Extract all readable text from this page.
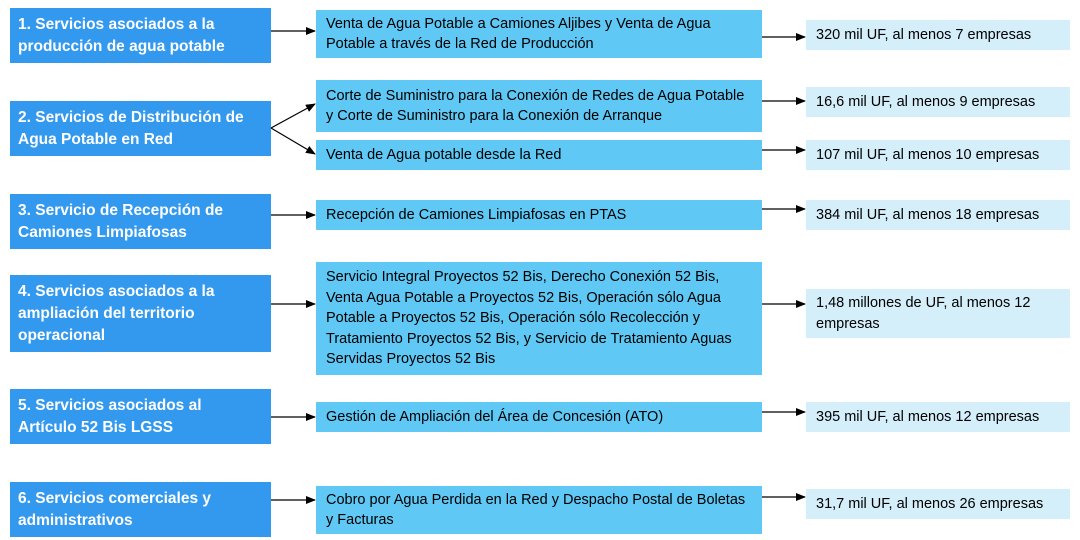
1. Servicios asociados a la producción de agua potable
2. Servicios de Distribución de Agua Potable en Red
3. Servicio de Recepción de Camiones Limpiafosas
4. Servicios asociados a la ampliación del territorio operacional
5. Servicios asociados al Artículo 52 Bis LGSS
6. Servicios comerciales y administrativos
Venta de Agua Potable a Camiones Aljibes y Venta de Agua Potable a través de la Red de Producción
Corte de Suministro para la Conexión de Redes de Agua Potable y Corte de Suministro para la Conexión de Arranque
Venta de Agua potable desde la Red
Recepción de Camiones Limpiafosas en PTAS
Servicio Integral Proyectos 52 Bis, Derecho Conexión 52 Bis, Venta Agua Potable a Proyectos 52 Bis, Operación sólo Agua Potable a Proyectos 52 Bis, Operación sólo Recolección y Tratamiento Proyectos 52 Bis, y Servicio de Tratamiento Aguas Servidas Proyectos 52 Bis
Gestión de Ampliación del Área de Concesión (ATO)
Cobro por Agua Perdida en la Red y Despacho Postal de Boletas y Facturas
320 mil UF, al menos 7 empresas
16,6 mil UF, al menos 9 empresas
107 mil UF, al menos 10 empresas
384 mil UF, al menos 18 empresas
1,48 millones de UF, al menos 12 empresas
395 mil UF, al menos 12 empresas
31,7 mil UF, al menos 26 empresas
